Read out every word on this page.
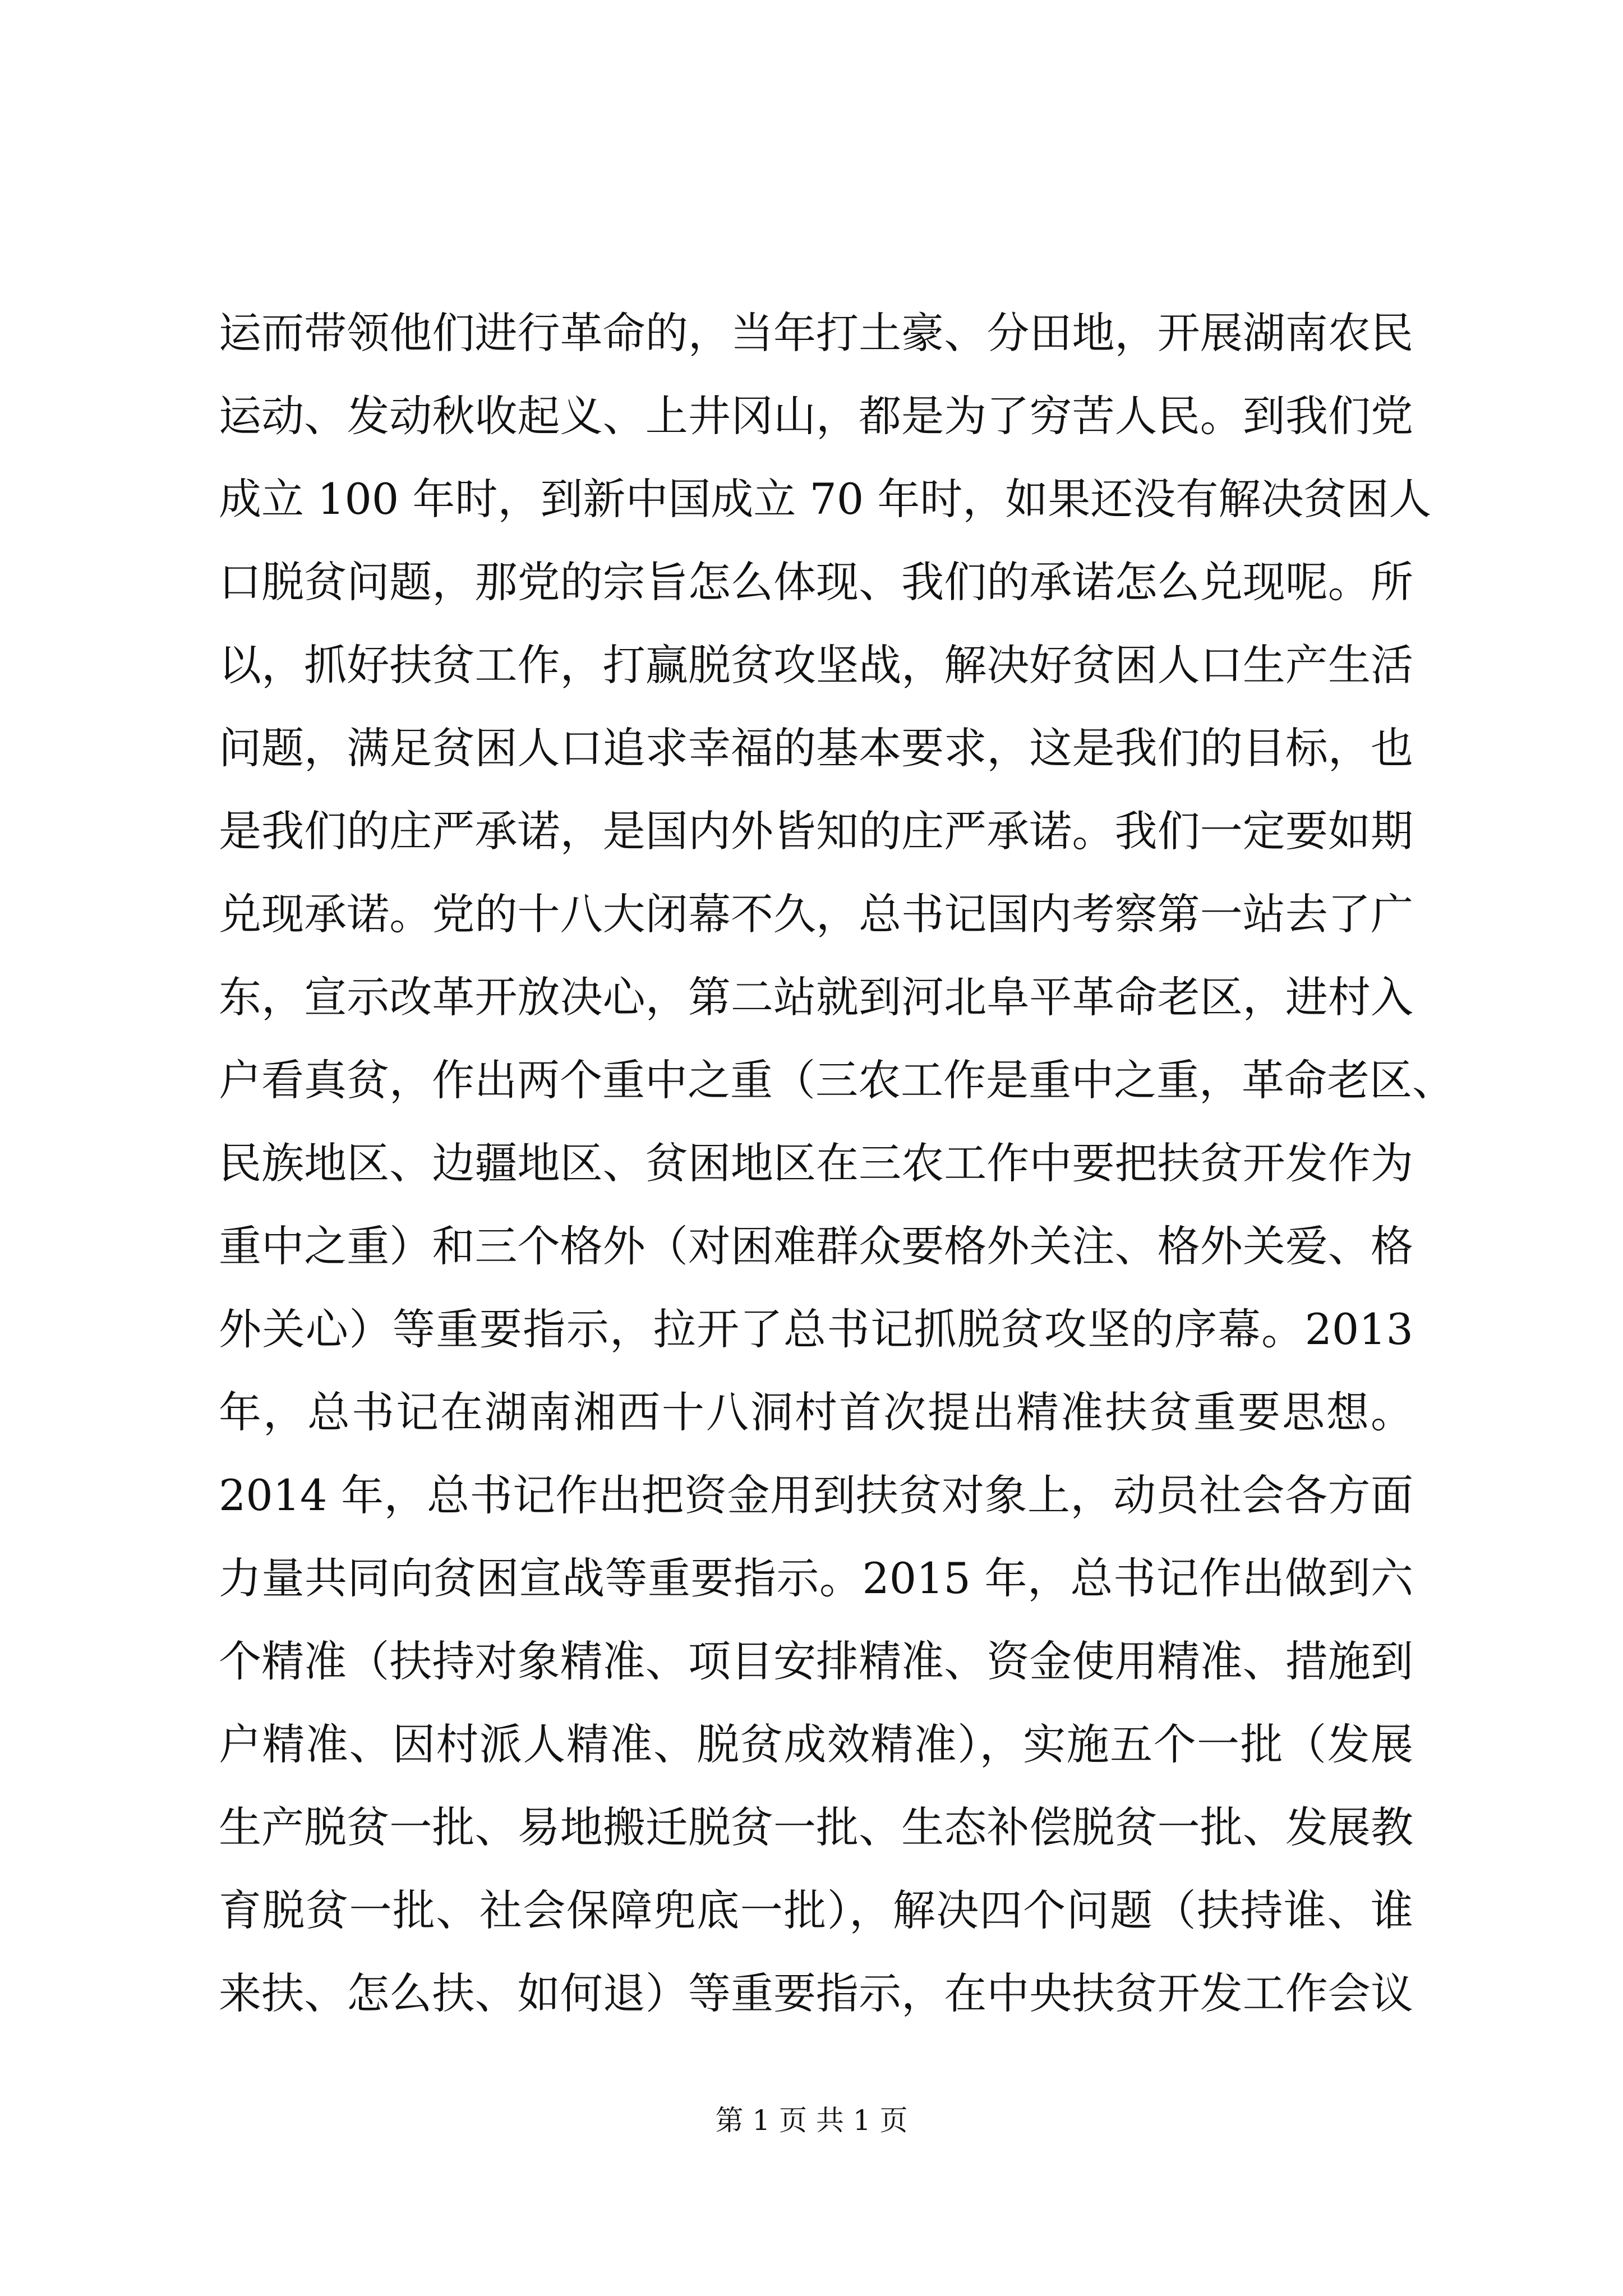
运而带领他们进行革命的，当年打土豪、分田地，开展湖南农民
运动、发动秋收起义、上井冈山，都是为了穷苦人民。到我们党
成立 100 年时，到新中国成立 70 年时，如果还没有解决贫困人
口脱贫问题，那党的宗旨怎么体现、我们的承诺怎么兑现呢。所
以，抓好扶贫工作，打赢脱贫攻坚战，解决好贫困人口生产生活
问题，满足贫困人口追求幸福的基本要求，这是我们的目标，也
是我们的庄严承诺，是国内外皆知的庄严承诺。我们一定要如期
兑现承诺。党的十八大闭幕不久，总书记国内考察第一站去了广
东，宣示改革开放决心，第二站就到河北阜平革命老区，进村入
户看真贫，作出两个重中之重（三农工作是重中之重，革命老区、
民族地区、边疆地区、贫困地区在三农工作中要把扶贫开发作为
重中之重）和三个格外（对困难群众要格外关注、格外关爱、格
外关心）等重要指示，拉开了总书记抓脱贫攻坚的序幕。2013
年，总书记在湖南湘西十八洞村首次提出精准扶贫重要思想。
2014 年，总书记作出把资金用到扶贫对象上，动员社会各方面
力量共同向贫困宣战等重要指示。2015 年，总书记作出做到六
个精准（扶持对象精准、项目安排精准、资金使用精准、措施到
户精准、因村派人精准、脱贫成效精准），实施五个一批（发展
生产脱贫一批、易地搬迁脱贫一批、生态补偿脱贫一批、发展教
育脱贫一批、社会保障兜底一批），解决四个问题（扶持谁、谁
来扶、怎么扶、如何退）等重要指示，在中央扶贫开发工作会议
第 1 页 共 1 页
